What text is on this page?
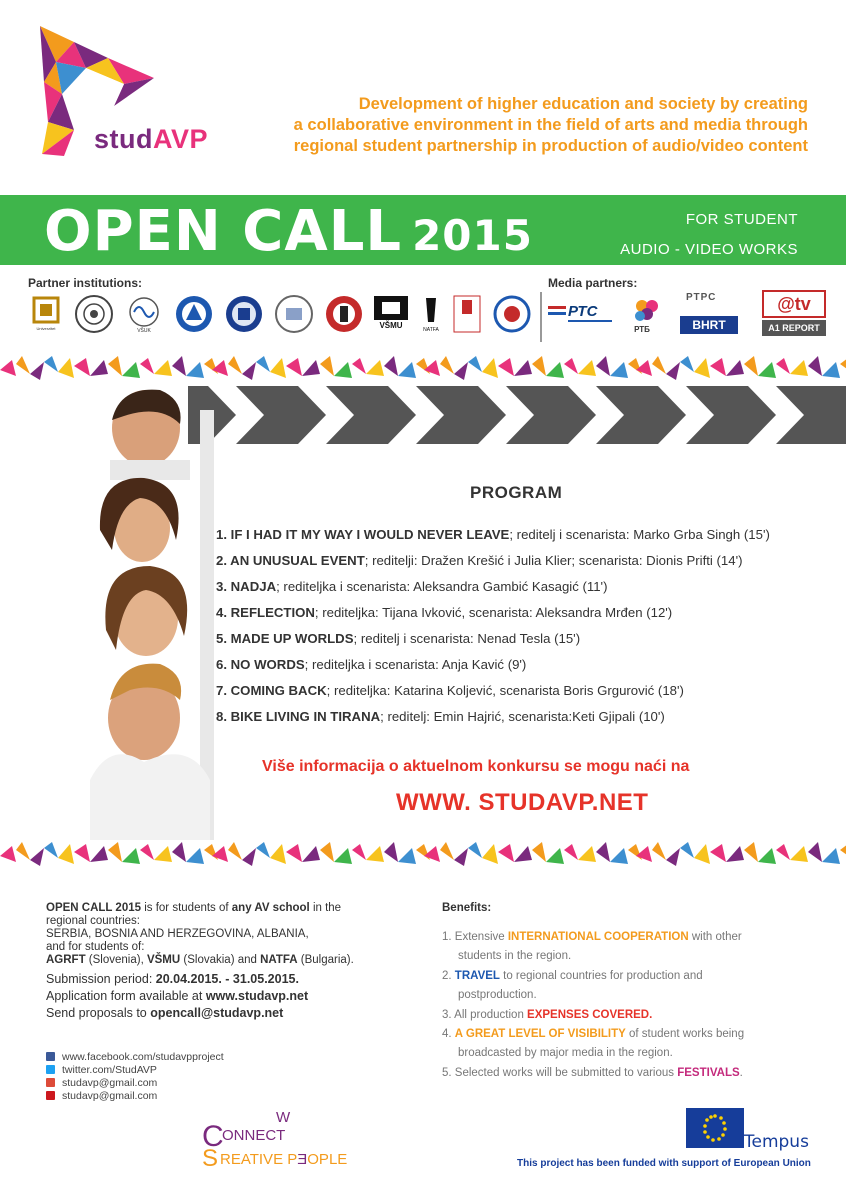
studAVP
Development of higher education and society by creating
a collaborative environment in the field of arts and media through
regional student partnership in production of audio/video content
OPEN CALL 2015	FOR STUDENT
AUDIO - VIDEO WORKS
Partner institutions:	Media partners:
Univerzitet	VŠUK
VŠMU	NATFA
РТС
РТБ
РТРС
BHRT
@tv
A1 REPORT
PROGRAM
1. IF I HAD IT MY WAY I WOULD NEVER LEAVE; reditelj i scenarista: Marko Grba Singh (15')
2. AN UNUSUAL EVENT; reditelji: Dražen Krešić i Julia Klier; scenarista: Dionis Prifti (14')
3. NADJA; rediteljka i scenarista: Aleksandra Gambić Kasagić (11')
4. REFLECTION; rediteljka: Tijana Ivković, scenarista: Aleksandra Mrđen (12')
5. MADE UP WORLDS; reditelj i scenarista: Nenad Tesla (15')
6. NO WORDS; rediteljka i scenarista: Anja Kavić (9')
7. COMING BACK; rediteljka: Katarina Koljević, scenarista Boris Grgurović (18')
8. BIKE LIVING IN TIRANA; reditelj: Emin Hajrić, scenarista:Keti Gjipali (10')
Više informacija o aktuelnom konkursu se mogu naći na
WWW. STUDAVP.NET

OPEN CALL 2015 is for students of any AV school in the

regional countries:

SERBIA, BOSNIA AND HERZEGOVINA, ALBANIA,

and for students of:

AGRFT (Slovenia), VŠMU (Slovakia) and NATFA (Bulgaria).

Submission period: 20.04.2015. - 31.05.2015.

Application form available at www.studavp.net

Send proposals to opencall@studavp.net

www.facebook.com/studavpproject
twitter.com/StudAVP
studavp@gmail.com
studavp@gmail.com
Benefits:
1. Extensive INTERNATIONAL COOPERATION with other
students in the region.
2. TRAVEL to regional countries for production and
postproduction.
3. All production EXPENSES COVERED.
4. A GREAT LEVEL OF VISIBILITY of student works being
broadcasted by major media in the region.
5. Selected works will be submitted to various FESTIVALS.
W
C
ONNECT
S REATIVE PƎOPLE
Tempus
This project has been funded with support of European Union
